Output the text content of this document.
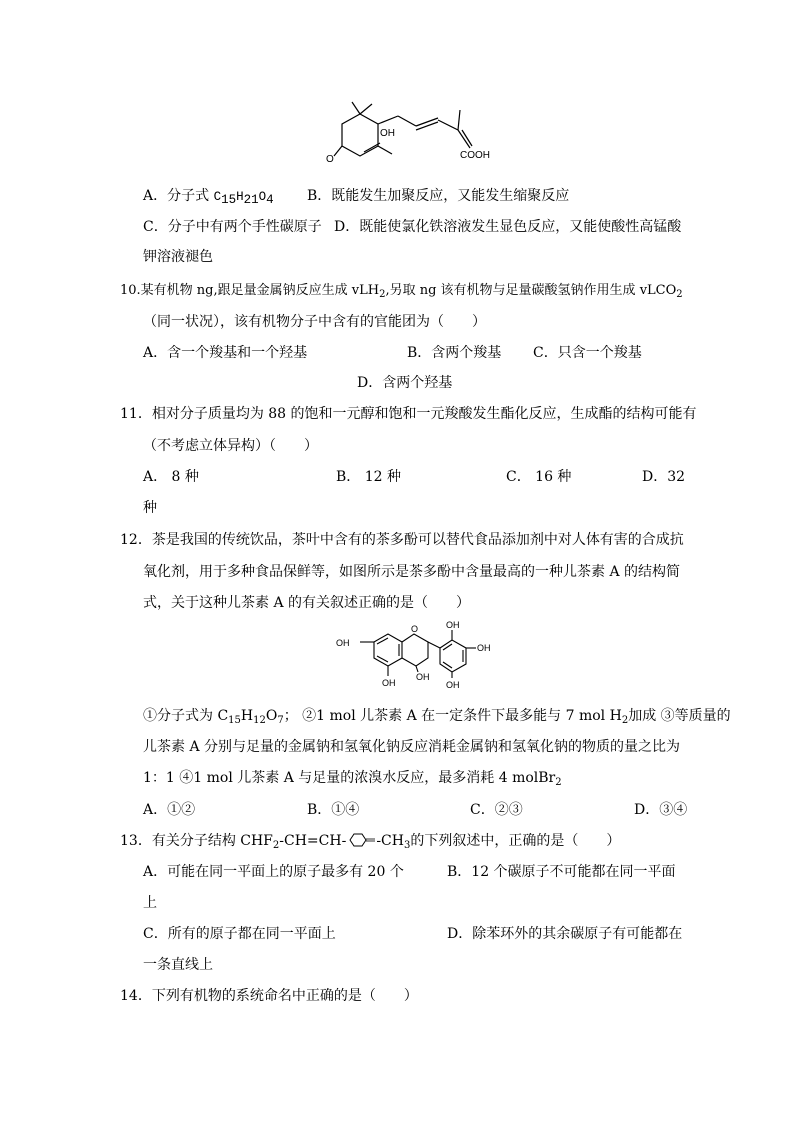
OH
O	COOH
A．分子式 C15H21O4 B．既能发生加聚反应，又能发生缩聚反应
C．分子中有两个手性碳原子 D．既能使氯化铁溶液发生显色反应，又能使酸性高锰酸
钾溶液褪色
10.某有机物 ng,跟足量金属钠反应生成 vLH$_2$,另取 ng 该有机物与足量碳酸氢钠作用生成 vLCO$_2$
（同一状况），该有机物分子中含有的官能团为（　　）
A．含一个羧基和一个羟基	B．含两个羧基 C．只含一个羧基
D．含两个羟基
11．相对分子质量均为 88 的饱和一元醇和饱和一元羧酸发生酯化反应，生成酯的结构可能有
（不考虑立体异构）（　　）
A． 8 种	B． 12 种	C． 16 种	D．32
种
12．茶是我国的传统饮品，茶叶中含有的茶多酚可以替代食品添加剂中对人体有害的合成抗
氧化剂，用于多种食品保鲜等，如图所示是茶多酚中含量最高的一种儿茶素 A 的结构简
式，关于这种儿茶素 A 的有关叙述正确的是（　　）
OH
OH
O
OH
OH
OH
OH
①分子式为 $C_{15}H_{12}O_7$； ②1 mol 儿茶素 A 在一定条件下最多能与 7 mol $H_2$加成 ③等质量的
儿茶素 A 分别与足量的金属钠和氢氧化钠反应消耗金属钠和氢氧化钠的物质的量之比为
1：1 ④1 mol 儿茶素 A 与足量的浓溴水反应，最多消耗 4 molBr$_2$
A．①②	B．①④	C．②③	D．③④
13．有关分子结构 $CHF_2-CH=CH-$ $-CH_3$的下列叙述中，正确的是（　　）
A．可能在同一平面上的原子最多有 20 个	B．12 个碳原子不可能都在同一平面
上
C．所有的原子都在同一平面上	D．除苯环外的其余碳原子有可能都在
一条直线上
14．下列有机物的系统命名中正确的是（　　）
